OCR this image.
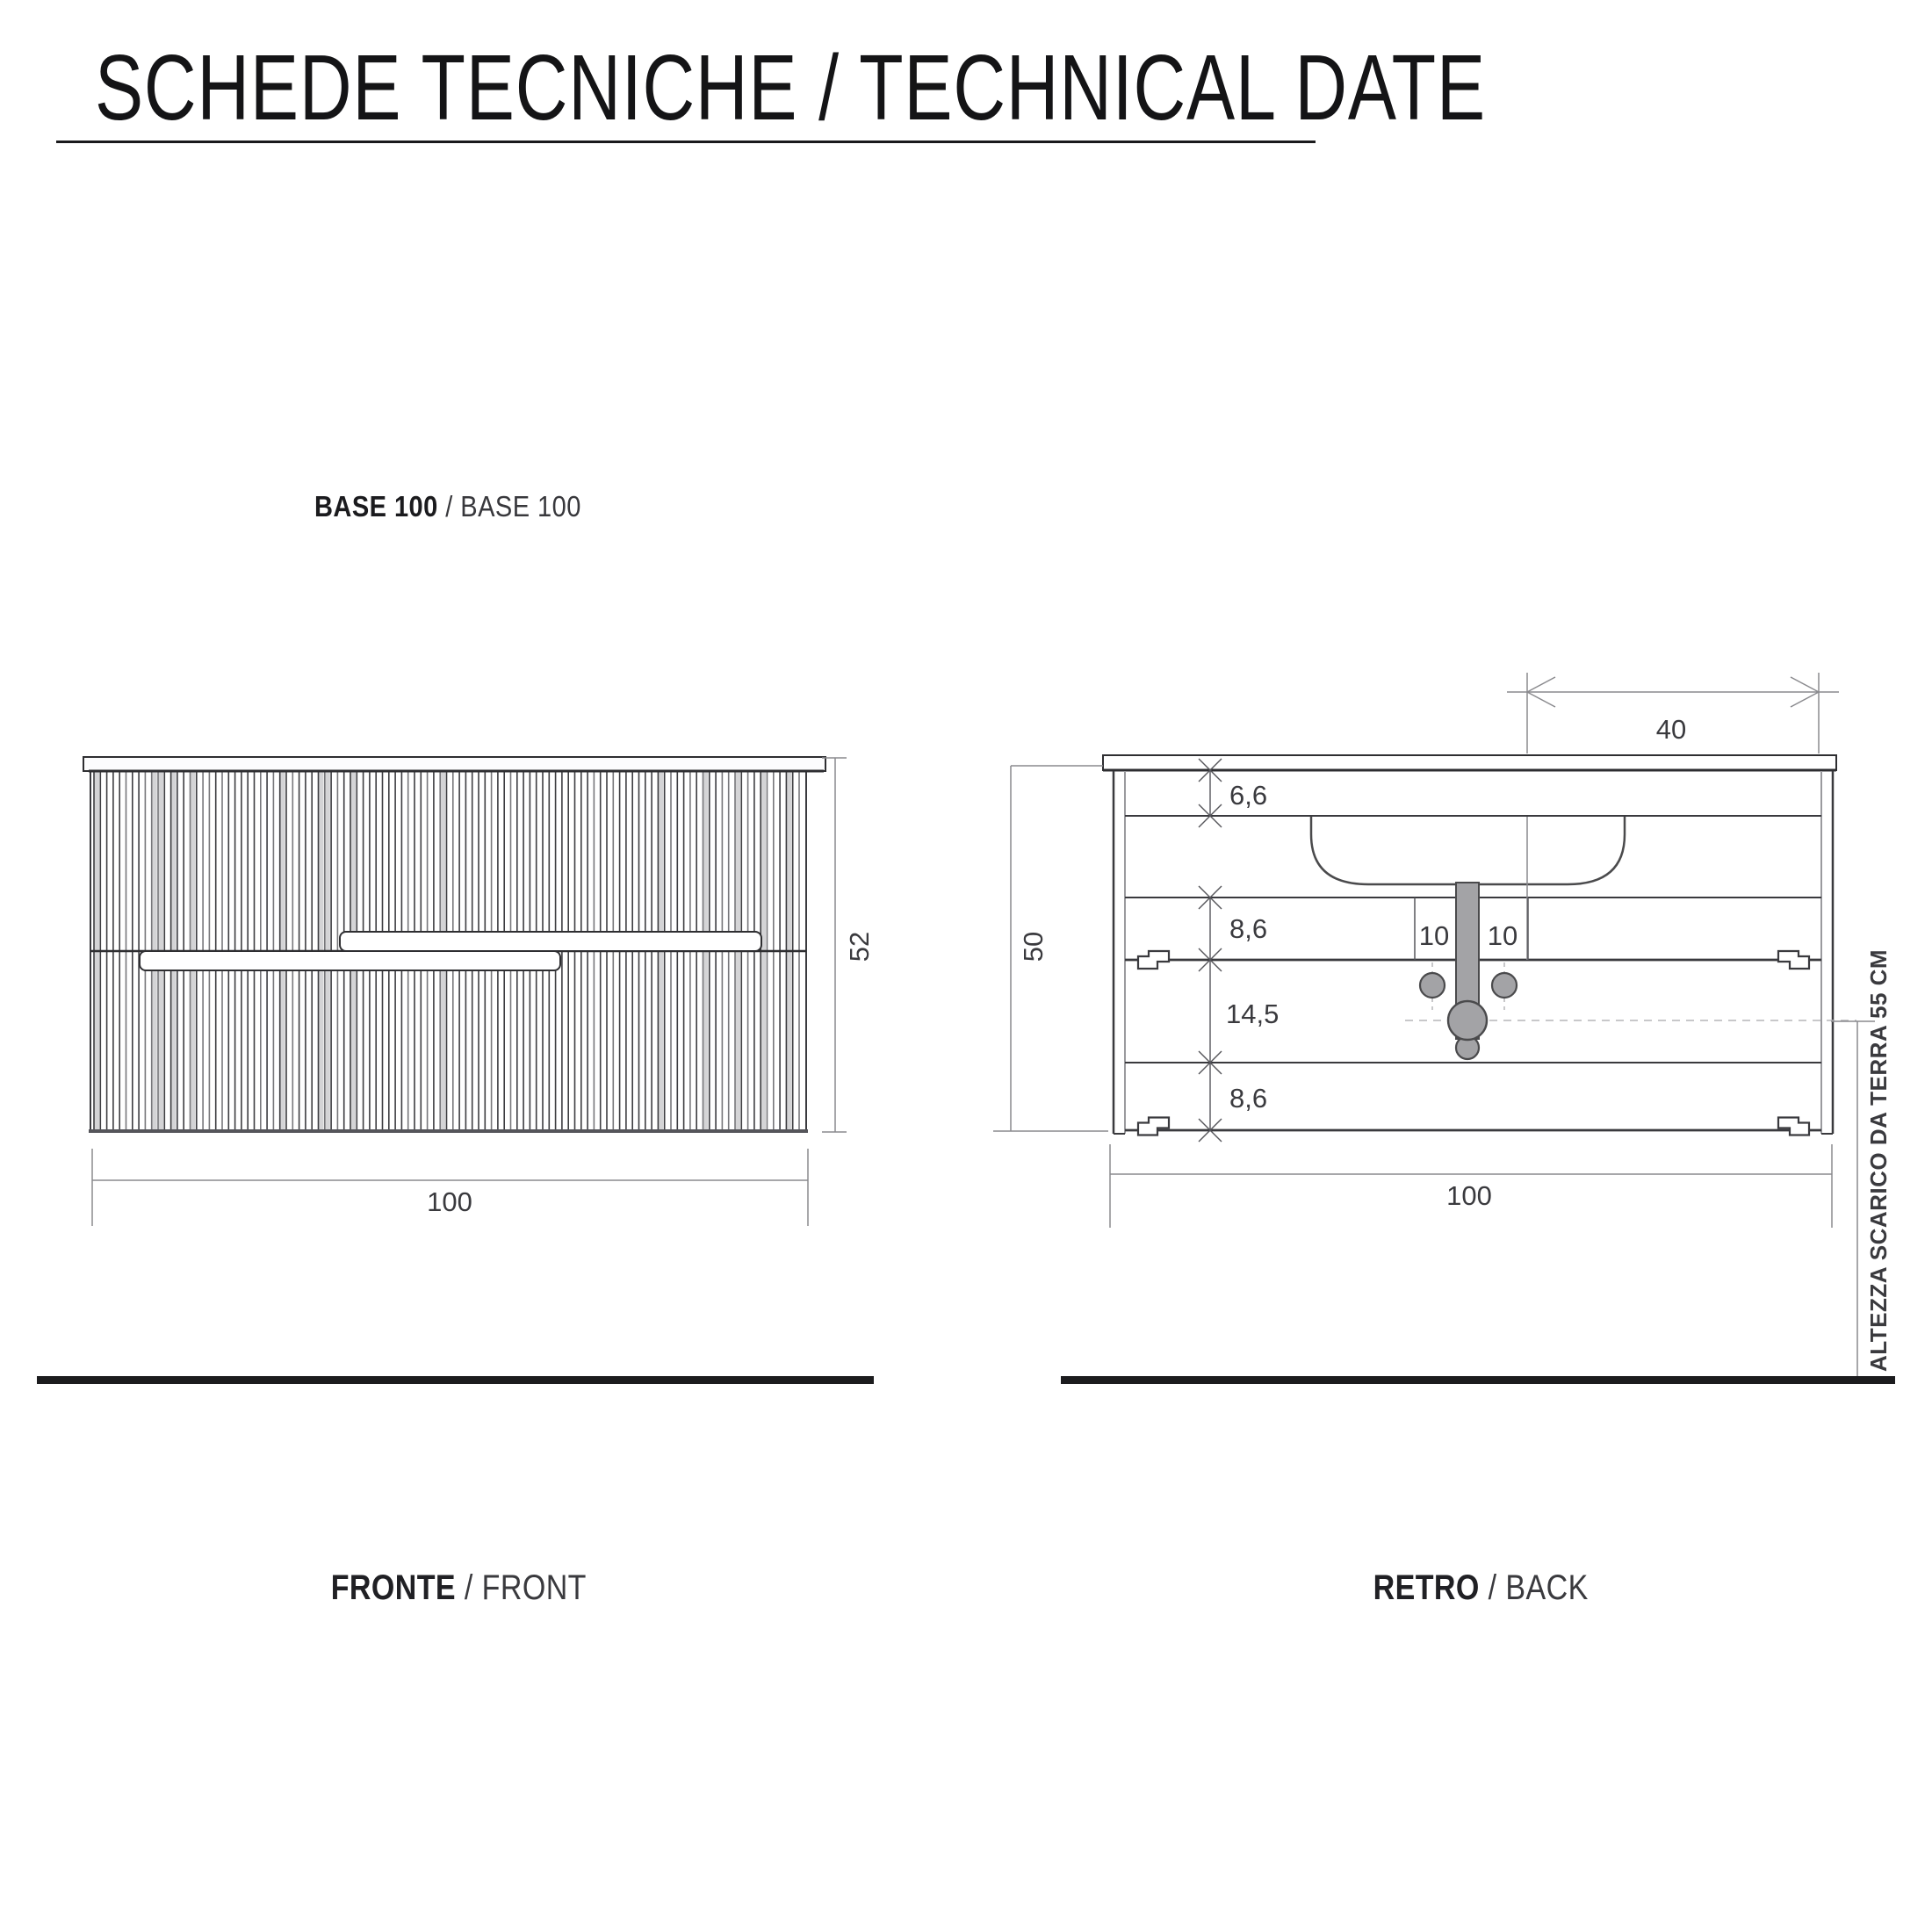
SCHEDE TECNICHE / TECHNICAL DATE
BASE 100 / BASE 100
52
100
40
6,6
8,6
14,5
8,6
10 10
50
100	ALTEZZA SCARICO DA TERRA 55 CM
FRONTE / FRONT	RETRO / BACK
